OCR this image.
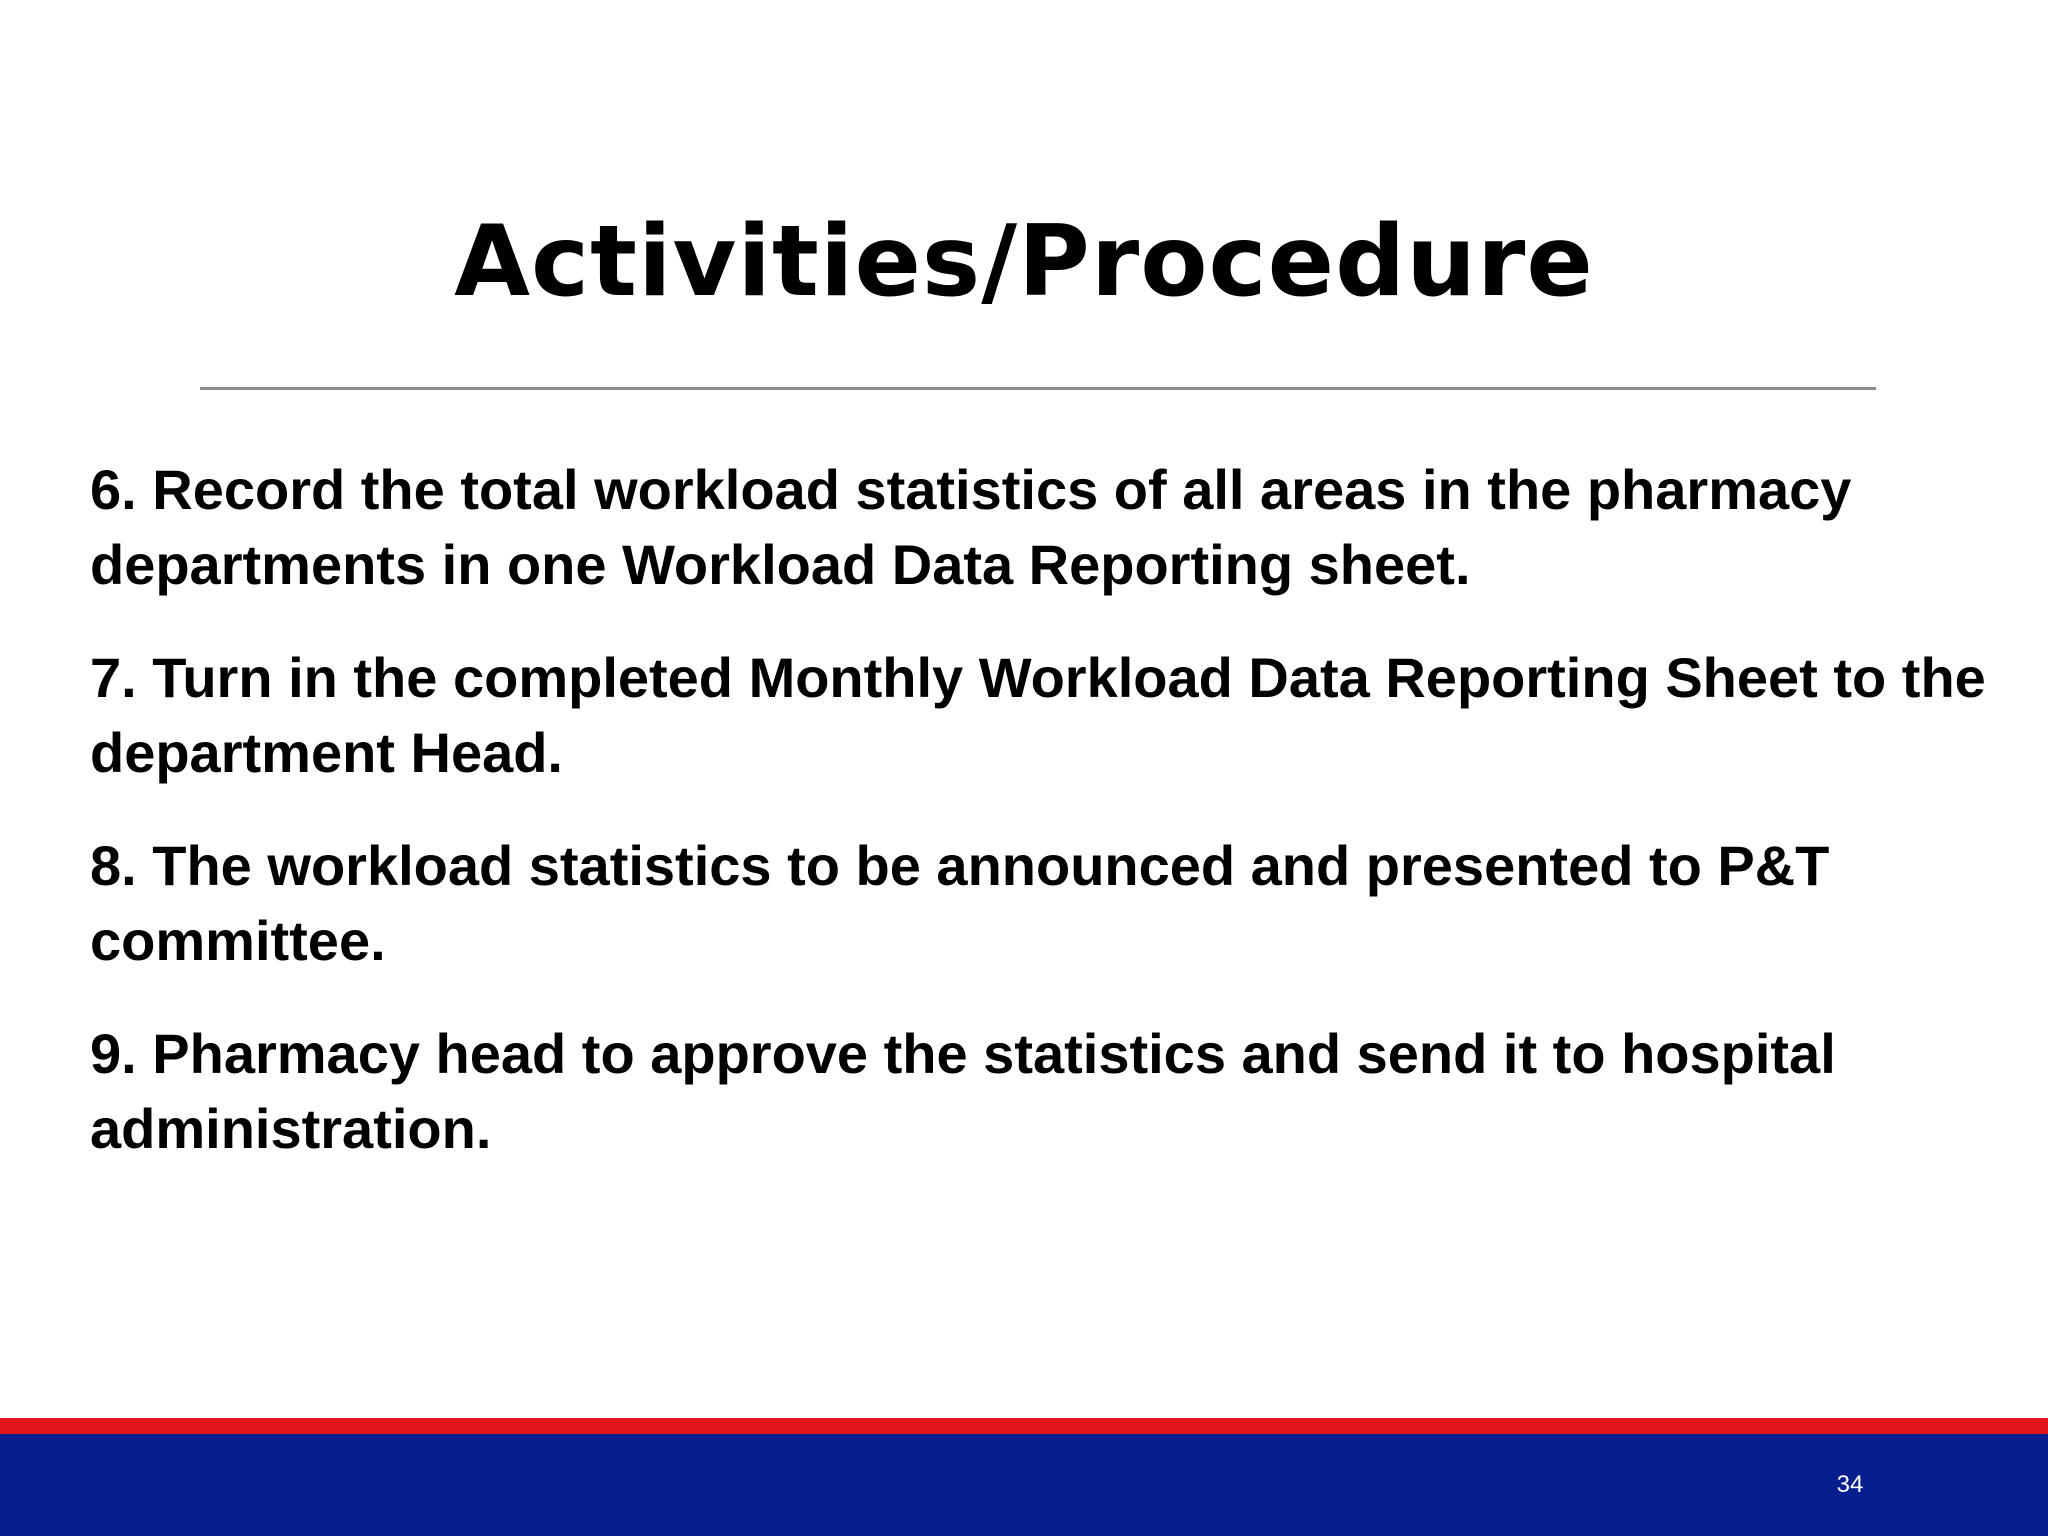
Activities/Procedure
6. Record the total workload statistics of all areas in the pharmacy departments in one Workload Data Reporting sheet.
7. Turn in the completed Monthly Workload Data Reporting Sheet to the department Head.
8. The workload statistics to be announced and presented to P&T committee.
9. Pharmacy head to approve the statistics and send it to hospital administration.
34
